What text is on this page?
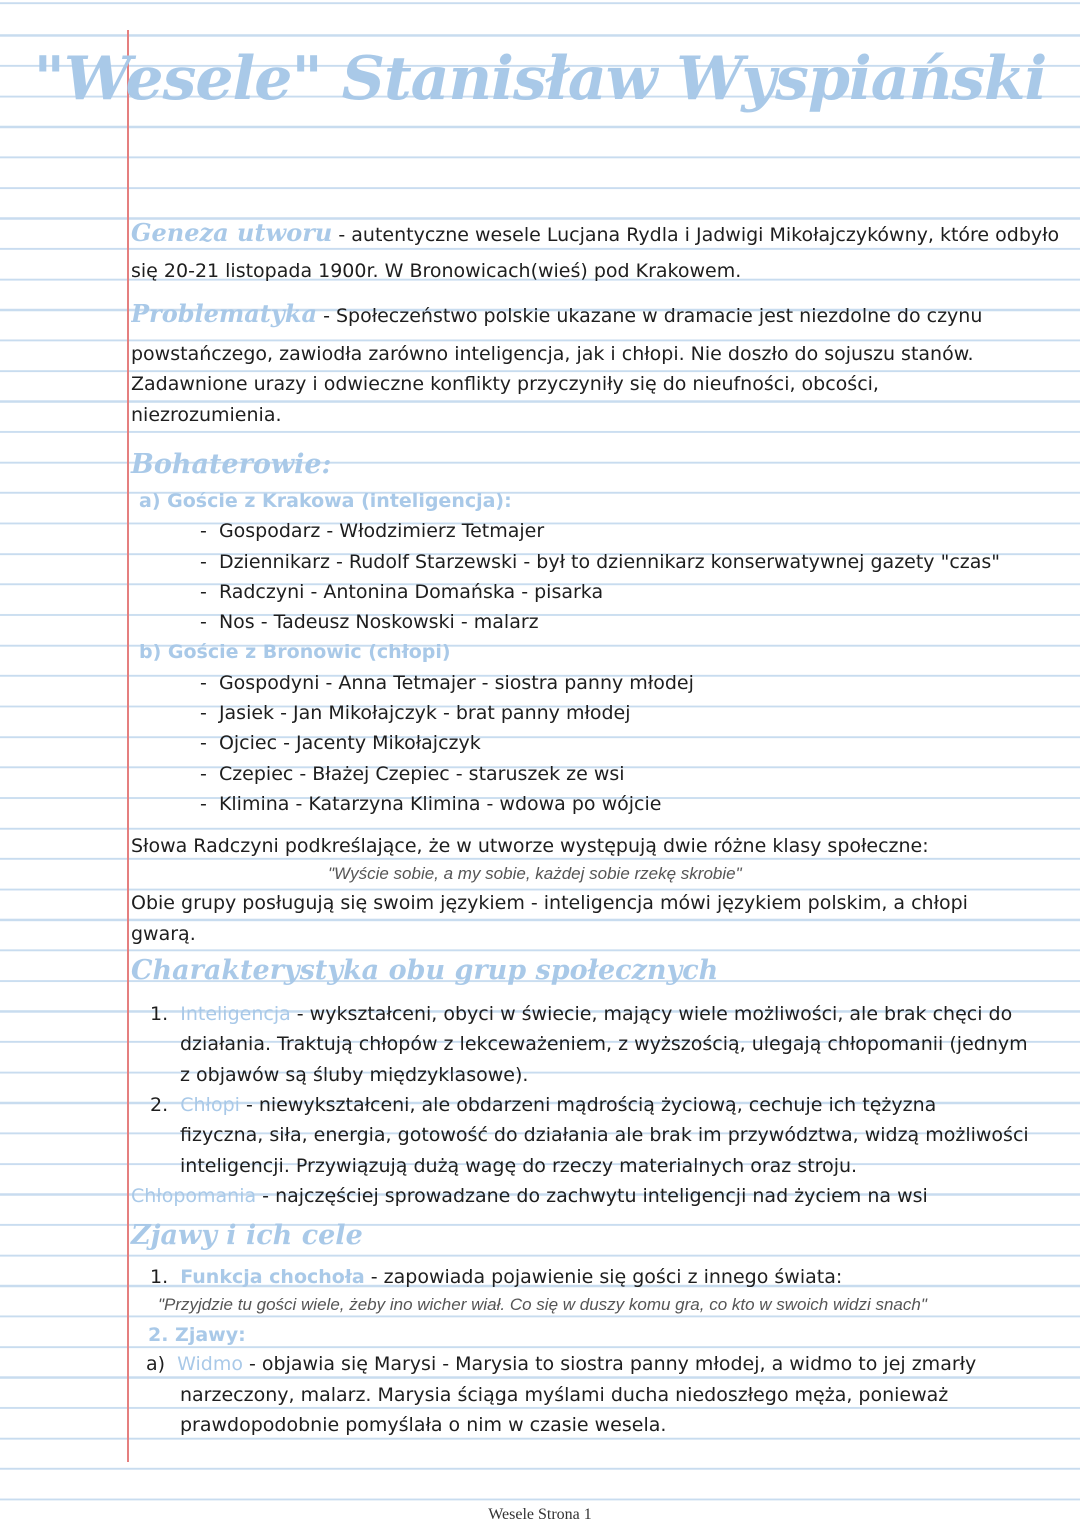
"Wesele" Stanisław Wyspiański
Geneza utworu - autentyczne wesele Lucjana Rydla i Jadwigi Mikołajczykówny, które odbyło
się 20-21 listopada 1900r. W Bronowicach(wieś) pod Krakowem.
Problematyka - Społeczeństwo polskie ukazane w dramacie jest niezdolne do czynu
powstańczego, zawiodła zarówno inteligencja, jak i chłopi. Nie doszło do sojuszu stanów.
Zadawnione urazy i odwieczne konflikty przyczyniły się do nieufności, obcości,
niezrozumienia.
Bohaterowie:
a) Goście z Krakowa (inteligencja):
-  Gospodarz - Włodzimierz Tetmajer
-  Dziennikarz - Rudolf Starzewski - był to dziennikarz konserwatywnej gazety "czas"
-  Radczyni - Antonina Domańska - pisarka
-  Nos - Tadeusz Noskowski - malarz
b) Goście z Bronowic (chłopi)
-  Gospodyni - Anna Tetmajer - siostra panny młodej
-  Jasiek - Jan Mikołajczyk - brat panny młodej
-  Ojciec - Jacenty Mikołajczyk
-  Czepiec - Błażej Czepiec - staruszek ze wsi
-  Klimina - Katarzyna Klimina - wdowa po wójcie
Słowa Radczyni podkreślające, że w utworze występują dwie różne klasy społeczne:
"Wyście sobie, a my sobie, każdej sobie rzekę skrobie"
Obie grupy posługują się swoim językiem - inteligencja mówi językiem polskim, a chłopi
gwarą.
Charakterystyka obu grup społecznych
1. Inteligencja - wykształceni, obyci w świecie, mający wiele możliwości, ale brak chęci do
działania. Traktują chłopów z lekceważeniem, z wyższością, ulegają chłopomanii (jednym
z objawów są śluby międzyklasowe).
2. Chłopi - niewykształceni, ale obdarzeni mądrością życiową, cechuje ich tężyzna
fizyczna, siła, energia, gotowość do działania ale brak im przywództwa, widzą możliwości
inteligencji. Przywiązują dużą wagę do rzeczy materialnych oraz stroju.
Chłopomania - najczęściej sprowadzane do zachwytu inteligencji nad życiem na wsi
Zjawy i ich cele
1. Funkcja chochoła - zapowiada pojawienie się gości z innego świata:
"Przyjdzie tu gości wiele, żeby ino wicher wiał. Co się w duszy komu gra, co kto w swoich widzi snach"
2. Zjawy:
a) Widmo - objawia się Marysi - Marysia to siostra panny młodej, a widmo to jej zmarły
narzeczony, malarz. Marysia ściąga myślami ducha niedoszłego męża, ponieważ
prawdopodobnie pomyślała o nim w czasie wesela.
Wesele Strona 1
